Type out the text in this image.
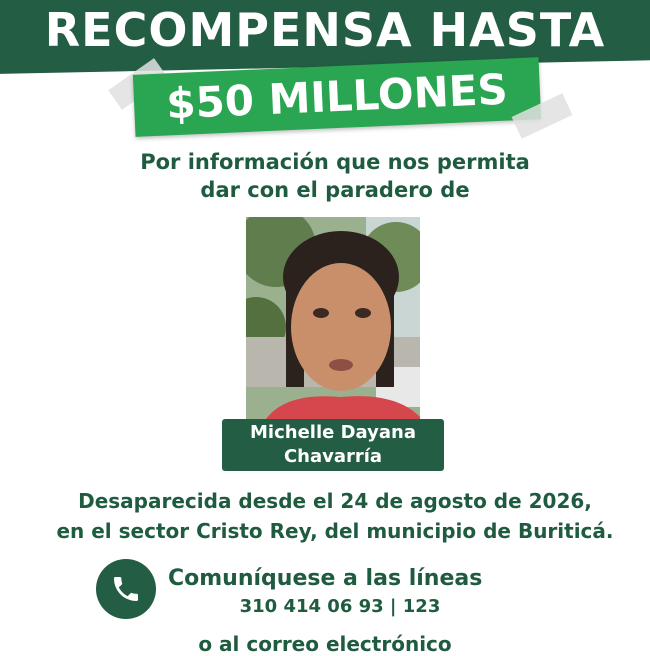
RECOMPENSA HASTA
$50 MILLONES
Por información que nos permita
dar con el paradero de
Michelle Dayana
Chavarría
Desaparecida desde el 24 de agosto de 2026,
en el sector Cristo Rey, del municipio de Buriticá.
Comuníquese a las líneas
310 414 06 93 | 123
o al correo electrónico
